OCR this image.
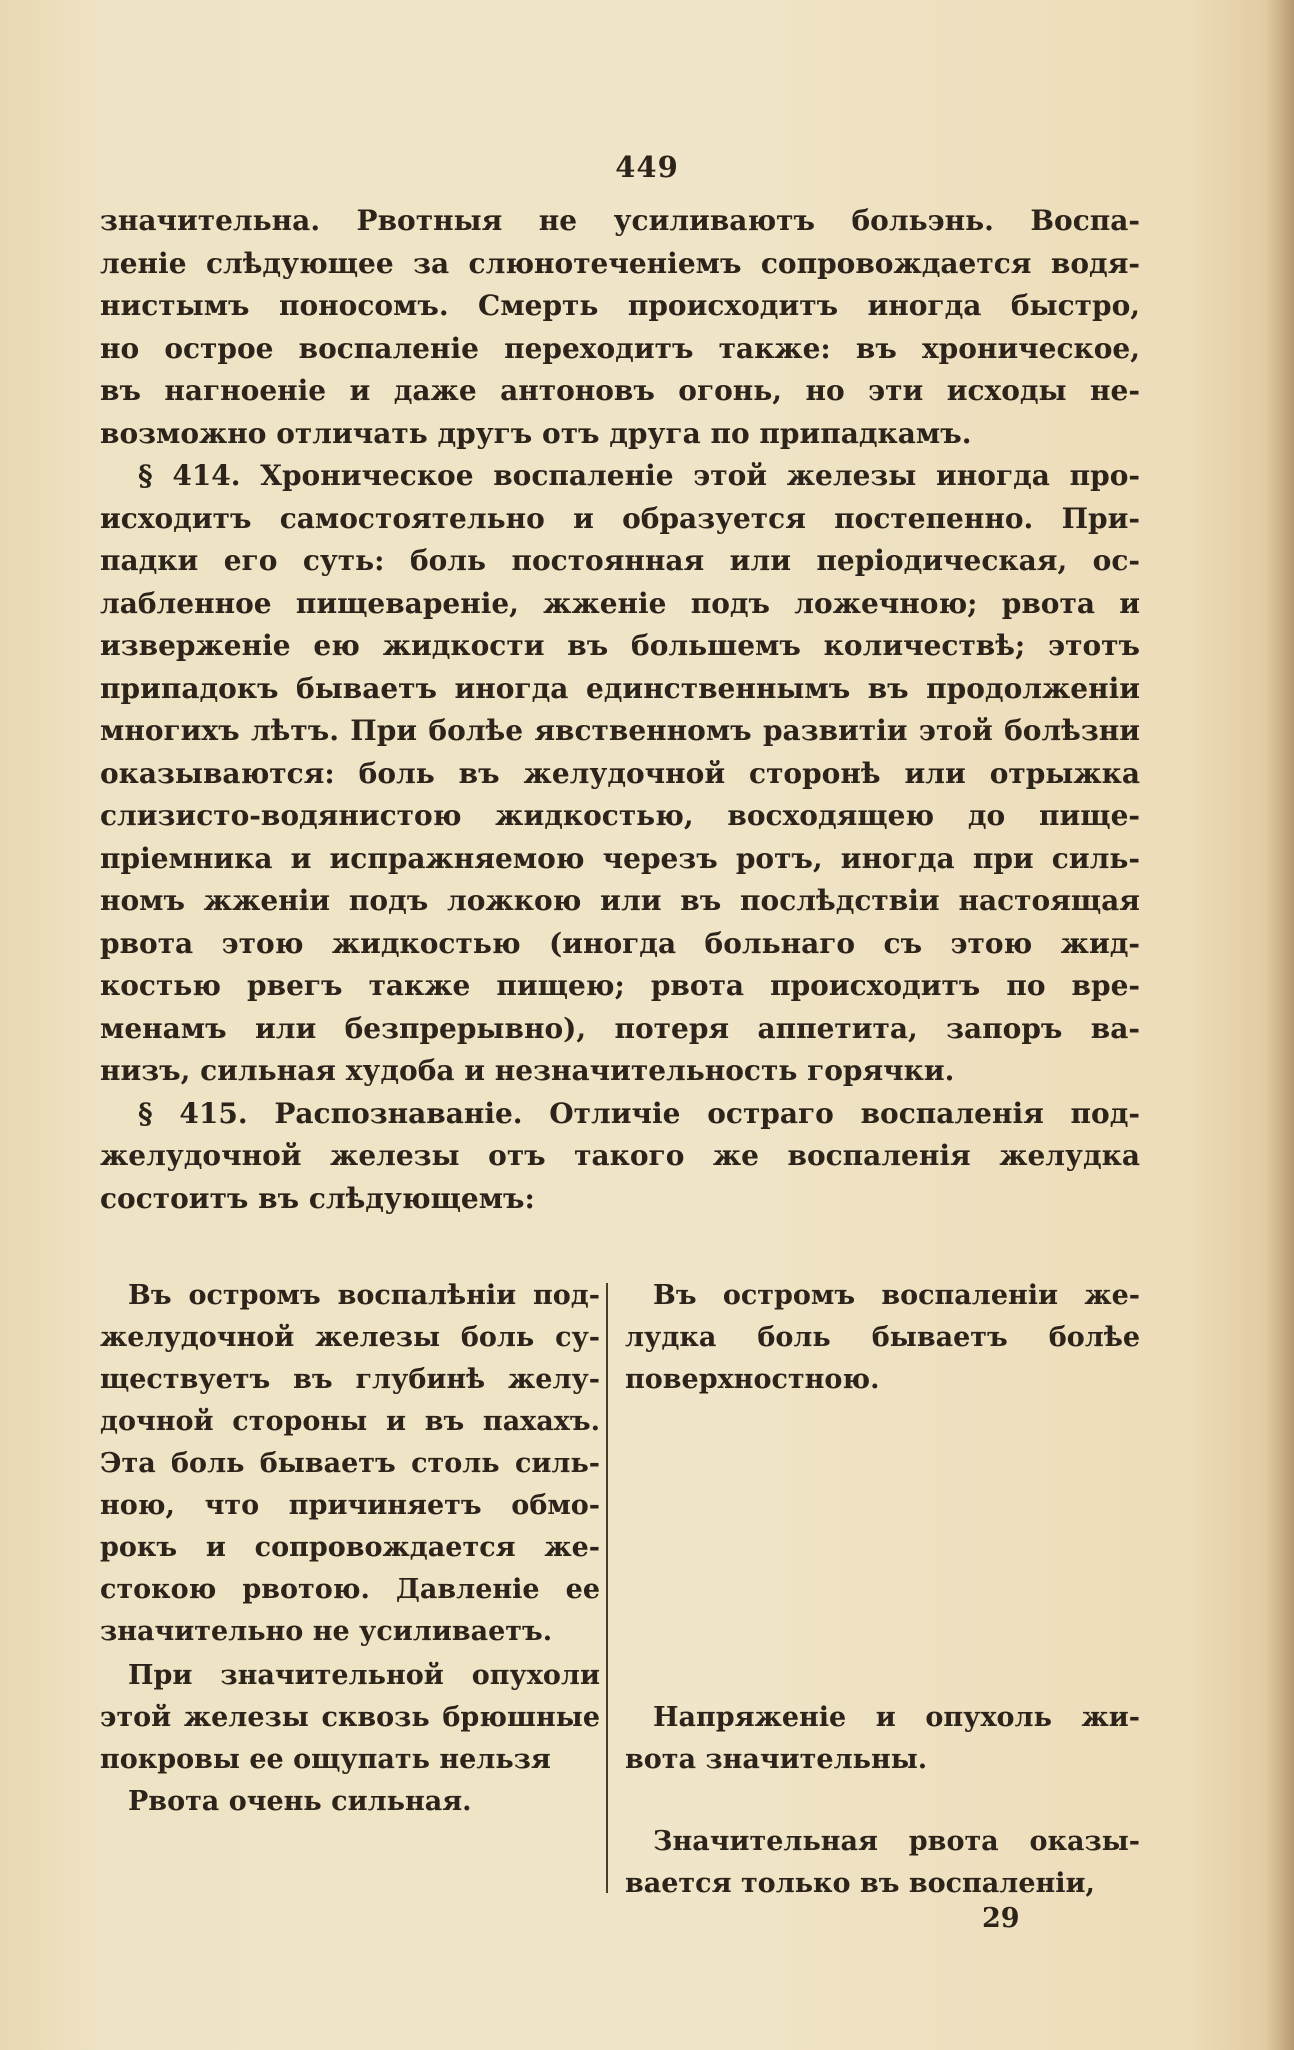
449
значительна. Рвотныя не усиливаютъ больэнь. Воспа-
леніе слѣдующее за слюнотеченіемъ сопровождается водя-
нистымъ поносомъ. Смерть происходитъ иногда быстро,
но острое воспаленіе переходитъ также: въ хроническое,
въ нагноеніе и даже антоновъ огонь, но эти исходы не-
возможно отличать другъ отъ друга по припадкамъ.
§ 414. Хроническое воспаленіе этой железы иногда про-
исходитъ самостоятельно и образуется постепенно. При-
падки его суть: боль постоянная или періодическая, ос-
лабленное пищевареніе, жженіе подъ ложечною; рвота и
изверженіе ею жидкости въ большемъ количествѣ; этотъ
припадокъ бываетъ иногда единственнымъ въ продолженіи
многихъ лѣтъ. При болѣе явственномъ развитіи этой болѣзни
оказываются: боль въ желудочной сторонѣ или отрыжка
слизисто-водянистою жидкостью, восходящею до пище-
пріемника и испражняемою черезъ ротъ, иногда при силь-
номъ жженіи подъ ложкою или въ послѣдствіи настоящая
рвота этою жидкостью (иногда больнаго съ этою жид-
костью рвегъ также пищею; рвота происходитъ по вре-
менамъ или безпрерывно), потеря аппетита, запоръ ва-
низъ, сильная худоба и незначительность горячки.
§ 415. Распознаваніе. Отличіе остраго воспаленія под-
желудочной железы отъ такого же воспаленія желудка
состоитъ въ слѣдующемъ:
Въ остромъ воспалѣніи под-
желудочной железы боль су-
ществуетъ въ глубинѣ желу-
дочной стороны и въ пахахъ.
Эта боль бываетъ столь силь-
ною, что причиняетъ обмо-
рокъ и сопровождается же-
стокою рвотою. Давленіе ее
значительно не усиливаетъ.
При значительной опухоли
этой железы сквозь брюшные
покровы ее ощупать нельзя
Рвота очень сильная.
Въ остромъ воспаленіи же-
лудка боль бываетъ болѣе
поверхностною.
Напряженіе и опухоль жи-
вота значительны.
Значительная рвота оказы-
вается только въ воспаленіи,
29
